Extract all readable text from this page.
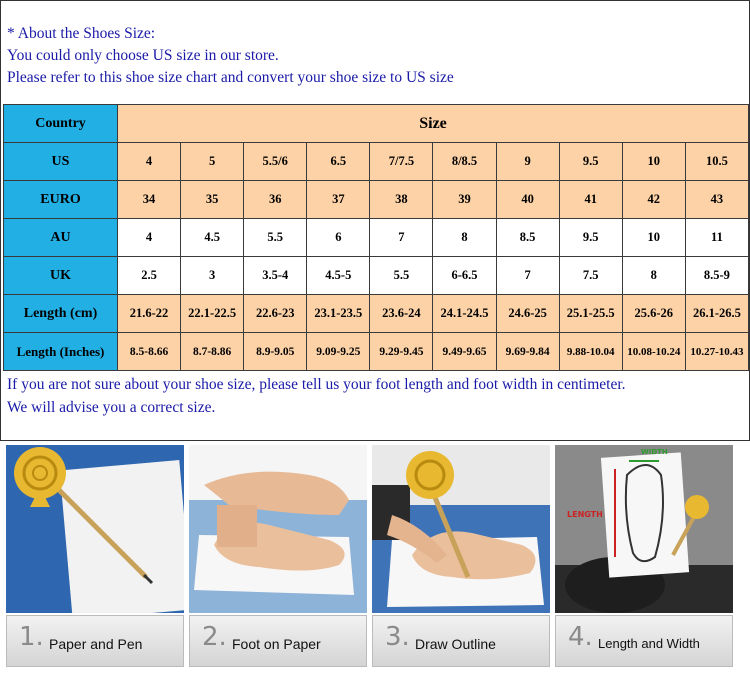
* About the Shoes Size:
You could only choose US size in our store.
Please refer to this shoe size chart and convert your shoe size to US size
Country	Size									
US	4	5	5.5/6	6.5	7/7.5	8/8.5	9	9.5	10	10.5
EURO	34	35	36	37	38	39	40	41	42	43
AU	4	4.5	5.5	6	7	8	8.5	9.5	10	11
UK	2.5	3	3.5-4	4.5-5	5.5	6-6.5	7	7.5	8	8.5-9
Length (cm)	21.6-22	22.1-22.5	22.6-23	23.1-23.5	23.6-24	24.1-24.5	24.6-25	25.1-25.5	25.6-26	26.1-26.5
Length (Inches)	8.5-8.66	8.7-8.86	8.9-9.05	9.09-9.25	9.29-9.45	9.49-9.65	9.69-9.84	9.88-10.04	10.08-10.24	10.27-10.43
If you are not sure about your shoe size, please tell us your foot length and foot width in centimeter.
We will advise you a correct size.
1. Paper and Pen 2. Foot on Paper 3. Draw Outline
LENGTH
WIDTH
4. Length and Width
